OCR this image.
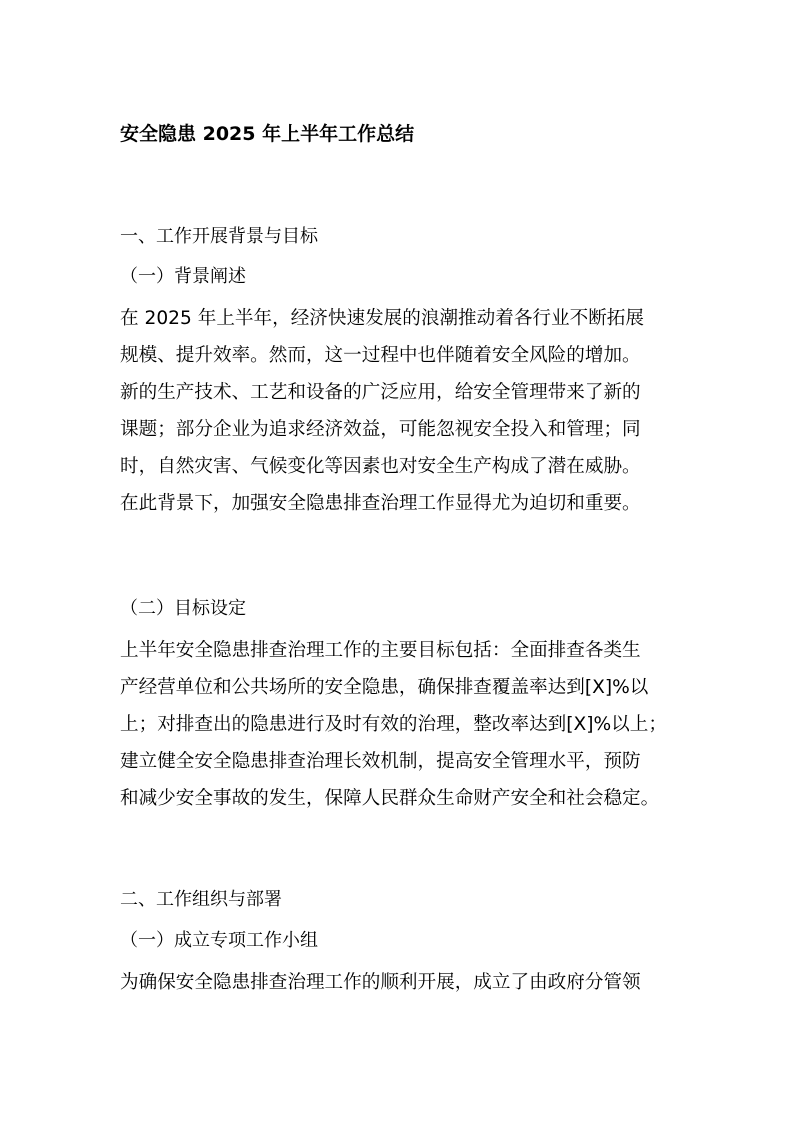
安全隐患 2025 年上半年工作总结
一、工作开展背景与目标
（一）背景阐述
在 2025 年上半年，经济快速发展的浪潮推动着各行业不断拓展
规模、提升效率。然而，这一过程中也伴随着安全风险的增加。
新的生产技术、工艺和设备的广泛应用，给安全管理带来了新的
课题；部分企业为追求经济效益，可能忽视安全投入和管理；同
时，自然灾害、气候变化等因素也对安全生产构成了潜在威胁。
在此背景下，加强安全隐患排查治理工作显得尤为迫切和重要。
（二）目标设定
上半年安全隐患排查治理工作的主要目标包括：全面排查各类生
产经营单位和公共场所的安全隐患，确保排查覆盖率达到[X]%以
上；对排查出的隐患进行及时有效的治理，整改率达到[X]%以上；
建立健全安全隐患排查治理长效机制，提高安全管理水平，预防
和减少安全事故的发生，保障人民群众生命财产安全和社会稳定。
二、工作组织与部署
（一）成立专项工作小组
为确保安全隐患排查治理工作的顺利开展，成立了由政府分管领
